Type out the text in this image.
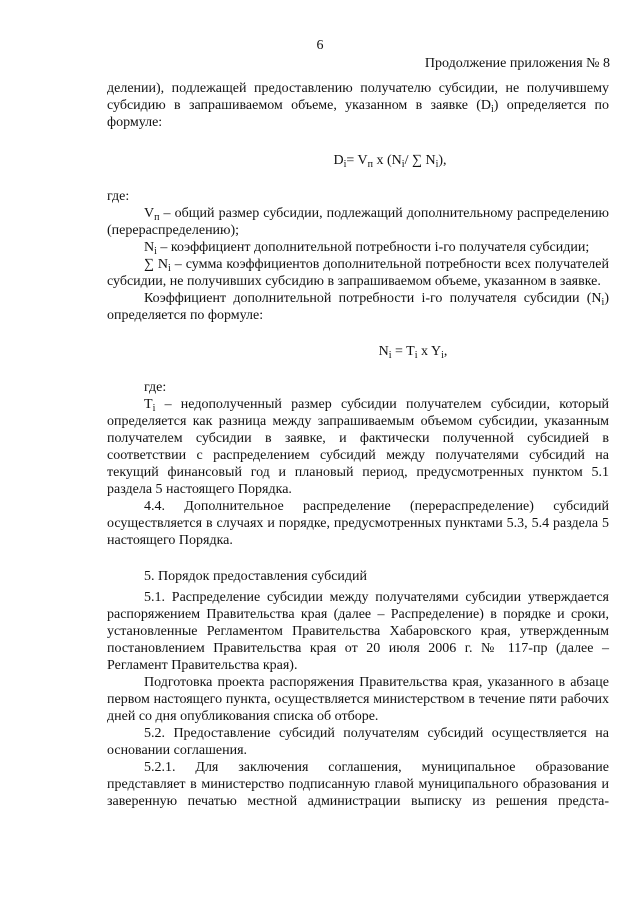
6
Продолжение приложения № 8

делении), подлежащей предоставлению получателю субсидии, не получившему субсидию в запрашиваемом объеме, указанном в заявке $(D_i)$ определяется по формуле:

$D_i= V_п$ x ($N_i/$ ∑ $N_i$),

где:

$V_п$ – общий размер субсидии, подлежащий дополнительному распределению (перераспределению);

$N_i$ – коэффициент дополнительной потребности i-го получателя субсидии;

∑ $N_i$ – сумма коэффициентов дополнительной потребности всех получателей субсидии, не получивших субсидию в запрашиваемом объеме, указанном в заявке.

Коэффициент дополнительной потребности i-го получателя субсидии $(N_i)$ определяется по формуле:

$N_i = T_i$ x $Y_i$,

где:

$T_i$ – недополученный размер субсидии получателем субсидии, который определяется как разница между запрашиваемым объемом субсидии, указанным получателем субсидии в заявке, и фактически полученной субсидией в соответствии с распределением субсидий между получателями субсидий на текущий финансовый год и плановый период, предусмотренных пунктом 5.1 раздела 5 настоящего Порядка.

4.4. Дополнительное распределение (перераспределение) субсидий осуществляется в случаях и порядке, предусмотренных пунктами 5.3, 5.4 раздела 5 настоящего Порядка.

5. Порядок предоставления субсидий

5.1. Распределение субсидии между получателями субсидии утверждается распоряжением Правительства края (далее – Распределение) в порядке и сроки, установленные Регламентом Правительства Хабаровского края, утвержденным постановлением Правительства края от 20 июля 2006 г. № 117-пр (далее – Регламент Правительства края).

Подготовка проекта распоряжения Правительства края, указанного в абзаце первом настоящего пункта, осуществляется министерством в течение пяти рабочих дней со дня опубликования списка об отборе.

5.2. Предоставление субсидий получателям субсидий осуществляется на основании соглашения.

5.2.1. Для заключения соглашения, муниципальное образование представляет в министерство подписанную главой муниципального образования и заверенную печатью местной администрации выписку из решения предста-
